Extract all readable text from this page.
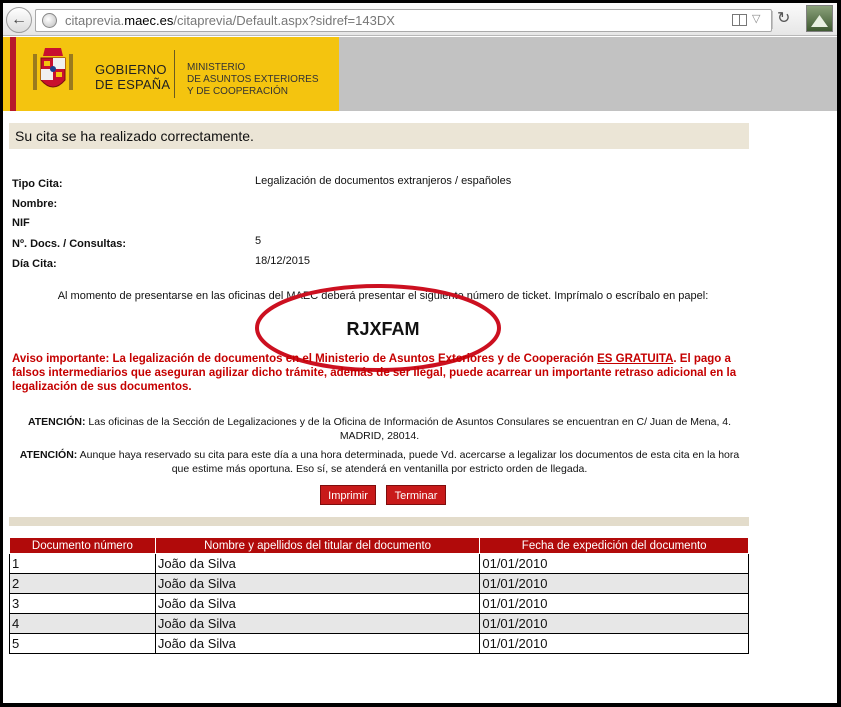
←	citaprevia.maec.es/citaprevia/Default.aspx?sidref=143DX	▽ ↻
GOBIERNO
DE ESPAÑA
MINISTERIO
DE ASUNTOS EXTERIORES
Y DE COOPERACIÓN
Su cita se ha realizado correctamente.
Tipo Cita:	Legalización de documentos extranjeros / españoles
Nombre:
NIF
Nº. Docs. / Consultas:	5
Día Cita:	18/12/2015
Al momento de presentarse en las oficinas del MAEC deberá presentar el siguiente número de ticket. Imprímalo o escríbalo en papel:
RJXFAM
Aviso importante: La legalización de documentos en el Ministerio de Asuntos Exteriores y de Cooperación ES GRATUITA. El pago a falsos intermediarios que aseguran agilizar dicho trámite, además de ser ilegal, puede acarrear un importante retraso adicional en la legalización de sus documentos.
ATENCIÓN: Las oficinas de la Sección de Legalizaciones y de la Oficina de Información de Asuntos Consulares se encuentran en C/ Juan de Mena, 4. MADRID, 28014.
ATENCIÓN: Aunque haya reservado su cita para este día a una hora determinada, puede Vd. acercarse a legalizar los documentos de esta cita en la hora que estime más oportuna. Eso sí, se atenderá en ventanilla por estricto orden de llegada.
Imprimir	Terminar
Documento número	Nombre y apellidos del titular del documento	Fecha de expedición del documento
1	João da Silva	01/01/2010
2	João da Silva	01/01/2010
3	João da Silva	01/01/2010
4	João da Silva	01/01/2010
5	João da Silva	01/01/2010
